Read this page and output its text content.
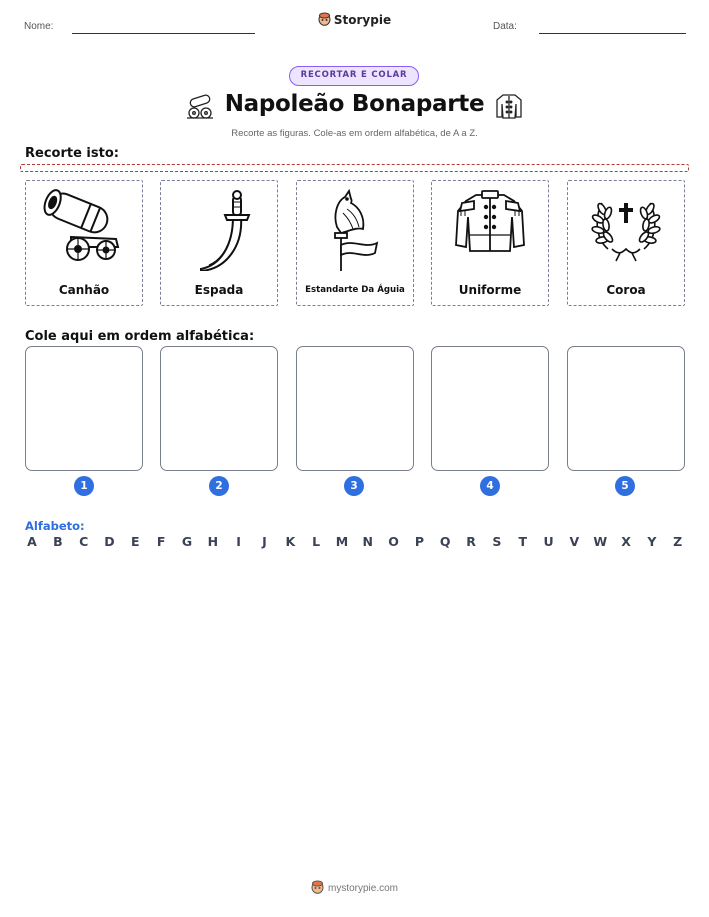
Nome:	Storypie	Data:
RECORTAR E COLAR
Napoleão Bonaparte
Recorte as figuras. Cole-as em ordem alfabética, de A a Z.
Recorte isto:
Canhão	Espada	Estandarte Da Águia	Uniforme	Coroa
Cole aqui em ordem alfabética:
1	2	3	4	5
Alfabeto:
A B C D E F G H	I	J	K L M N O P Q R S T U V W X Y Z
mystorypie.com
